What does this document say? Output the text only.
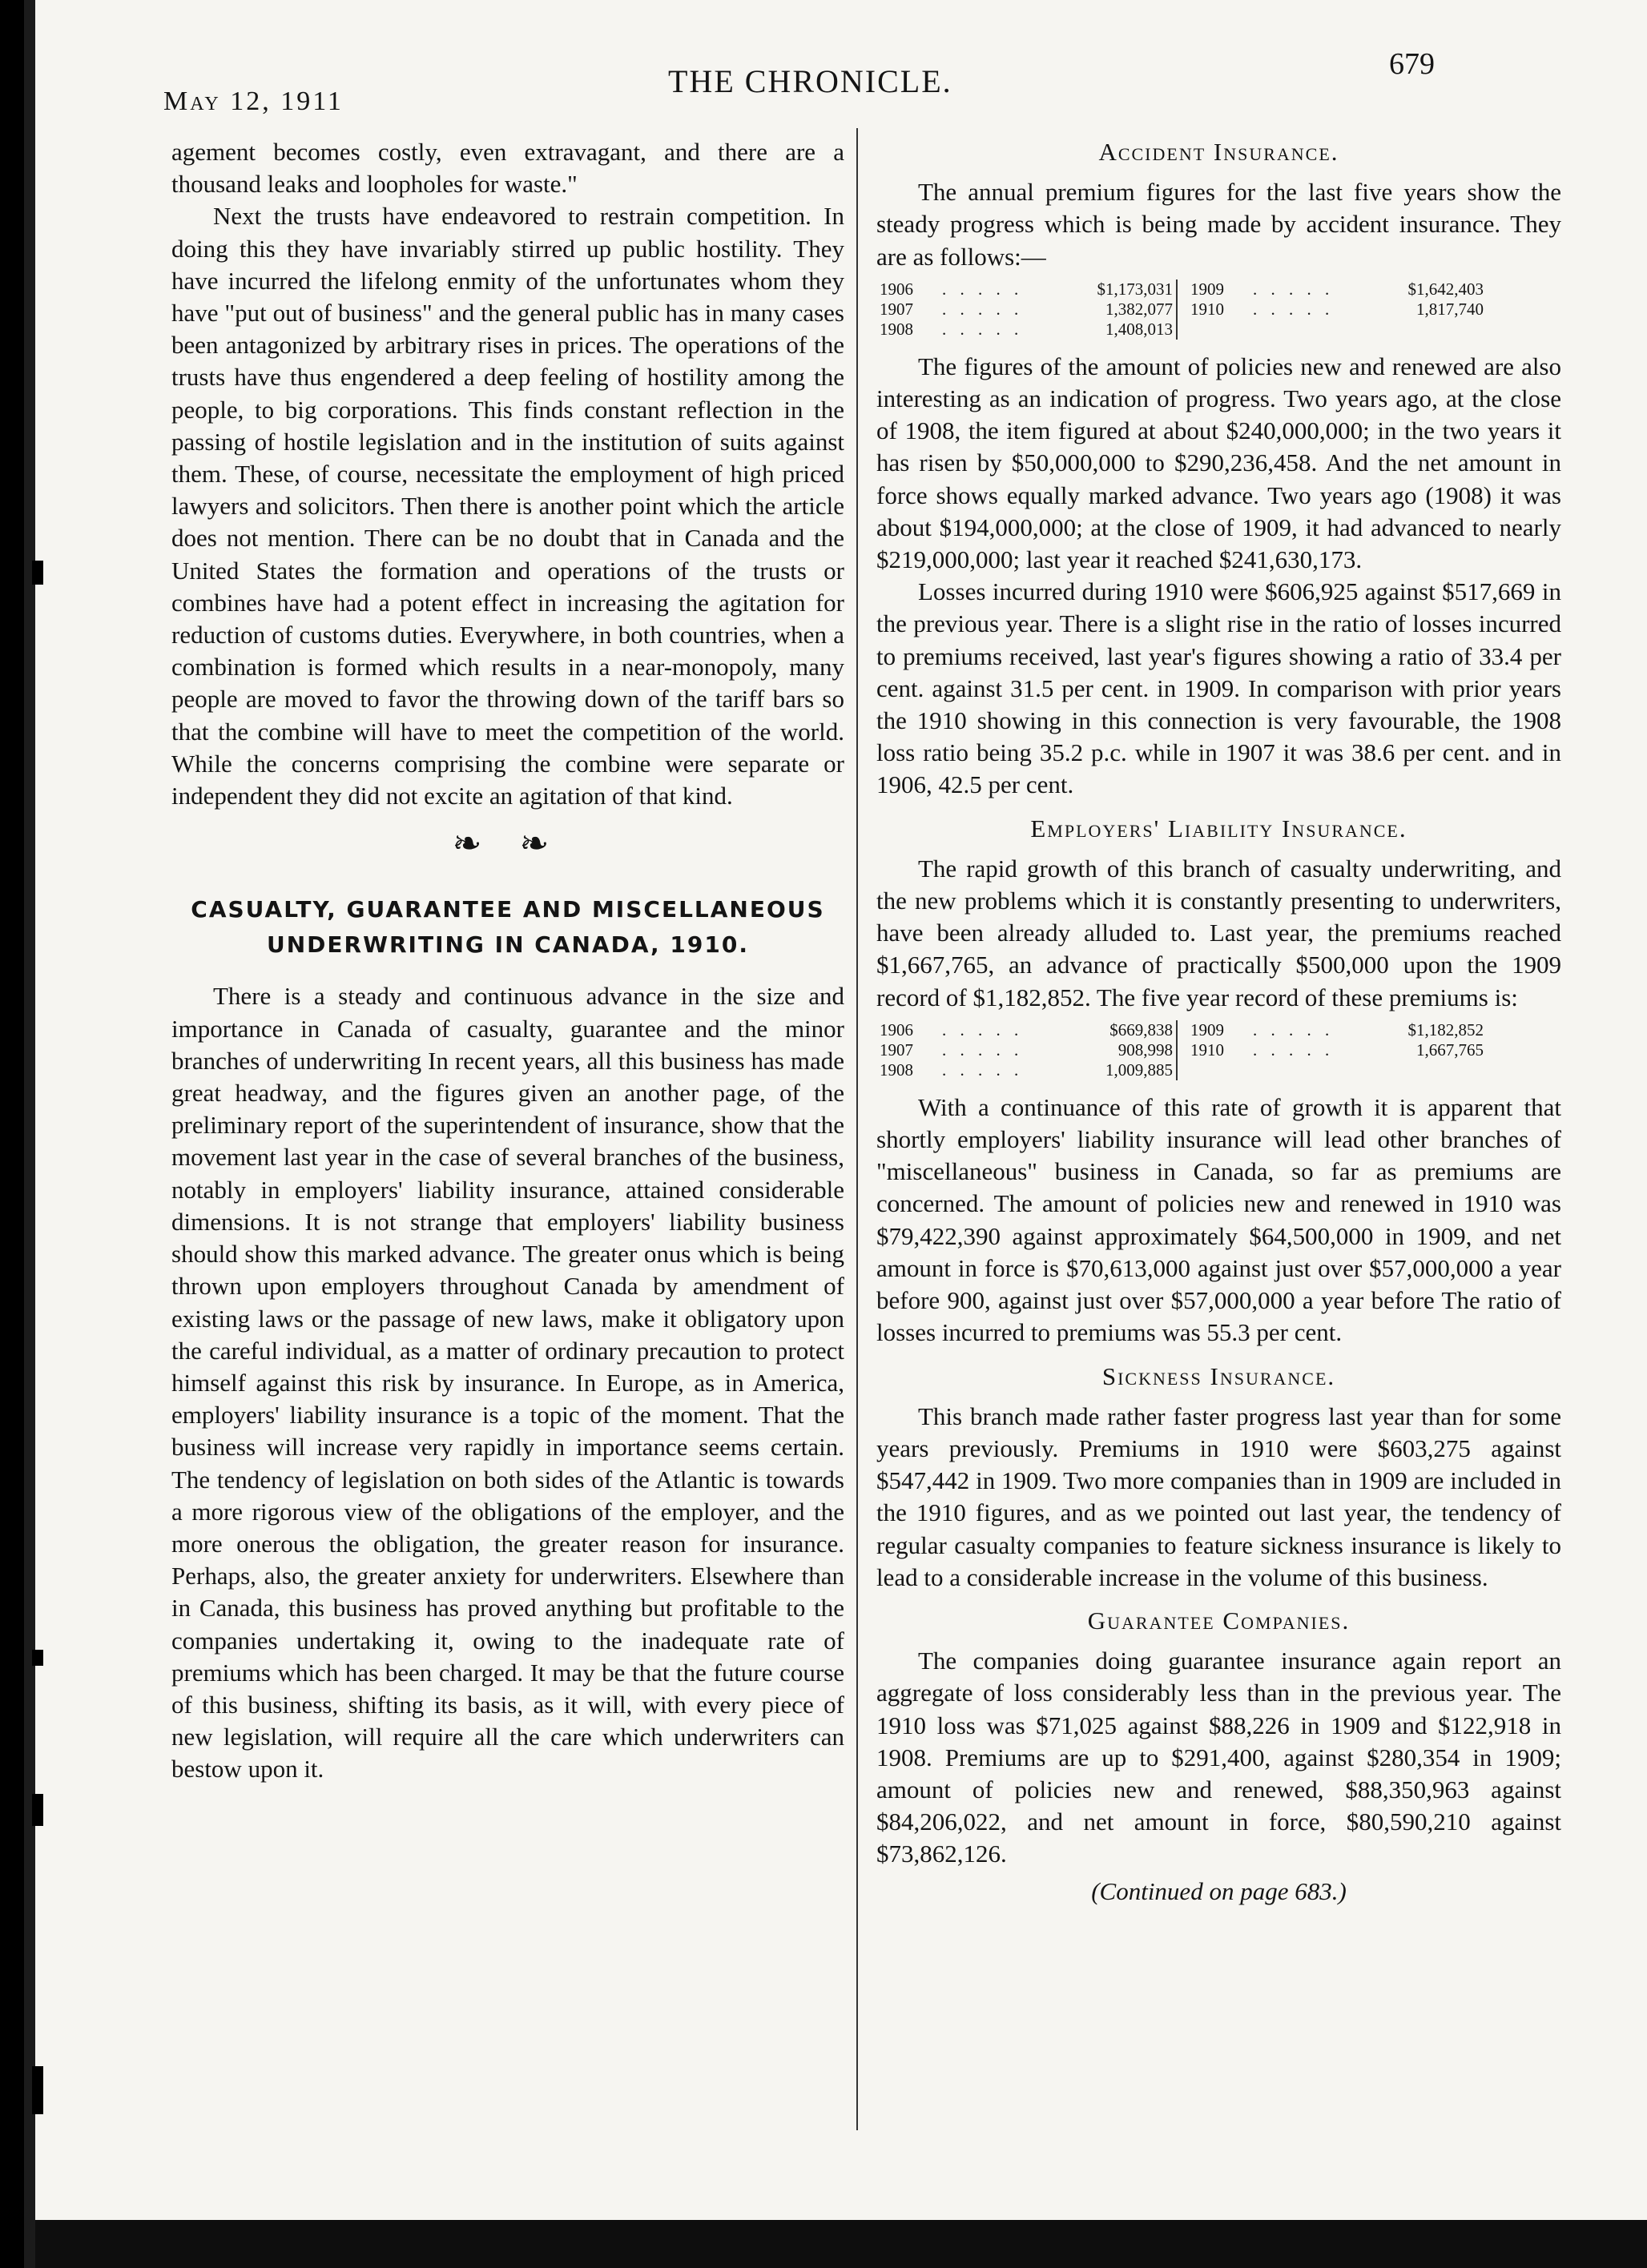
May 12, 1911
THE CHRONICLE.	679

agement becomes costly, even extravagant, and there are a thousand leaks and loopholes for waste."

Next the trusts have endeavored to restrain competition. In doing this they have invariably stirred up public hostility. They have incurred the lifelong enmity of the unfortunates whom they have "put out of business" and the general public has in many cases been antagonized by arbitrary rises in prices. The operations of the trusts have thus engendered a deep feeling of hostility among the people, to big corporations. This finds constant reflection in the passing of hostile legislation and in the institution of suits against them. These, of course, necessitate the employment of high priced lawyers and solicitors. Then there is another point which the article does not mention. There can be no doubt that in Canada and the United States the formation and operations of the trusts or combines have had a potent effect in increasing the agitation for reduction of customs duties. Everywhere, in both countries, when a combination is formed which results in a near-monopoly, many people are moved to favor the throwing down of the tariff bars so that the combine will have to meet the competition of the world. While the concerns comprising the combine were separate or independent they did not excite an agitation of that kind.

❧ ❧
CASUALTY, GUARANTEE AND MISCELLANEOUS
UNDERWRITING IN CANADA, 1910.

There is a steady and continuous advance in the size and importance in Canada of casualty, guarantee and the minor branches of underwriting In recent years, all this business has made great headway, and the figures given an another page, of the preliminary report of the superintendent of insurance, show that the movement last year in the case of several branches of the business, notably in employers' liability insurance, attained considerable dimensions. It is not strange that employers' liability business should show this marked advance. The greater onus which is being thrown upon employers throughout Canada by amendment of existing laws or the passage of new laws, make it obligatory upon the careful individual, as a matter of ordinary precaution to protect himself against this risk by insurance. In Europe, as in America, employers' liability insurance is a topic of the moment. That the business will increase very rapidly in importance seems certain. The tendency of legislation on both sides of the Atlantic is towards a more rigorous view of the obligations of the employer, and the more onerous the obligation, the greater reason for insurance. Perhaps, also, the greater anxiety for underwriters. Elsewhere than in Canada, this business has proved anything but profitable to the companies undertaking it, owing to the inadequate rate of premiums which has been charged. It may be that the future course of this business, shifting its basis, as it will, with every piece of new legislation, will require all the care which underwriters can bestow upon it.

Accident Insurance.

The annual premium figures for the last five years show the steady progress which is being made by accident insurance. They are as follows:—

1906	. . . . .	$1,173,031		1909	. . . . .	$1,642,403
1907	. . . . .	1,382,077		1910	. . . . .	1,817,740
1908	. . . . .	1,408,013				

The figures of the amount of policies new and renewed are also interesting as an indication of progress. Two years ago, at the close of 1908, the item figured at about $240,000,000; in the two years it has risen by $50,000,000 to $290,236,458. And the net amount in force shows equally marked advance. Two years ago (1908) it was about $194,000,000; at the close of 1909, it had advanced to nearly $219,000,000; last year it reached $241,630,173.

Losses incurred during 1910 were $606,925 against $517,669 in the previous year. There is a slight rise in the ratio of losses incurred to premiums received, last year's figures showing a ratio of 33.4 per cent. against 31.5 per cent. in 1909. In comparison with prior years the 1910 showing in this connection is very favourable, the 1908 loss ratio being 35.2 p.c. while in 1907 it was 38.6 per cent. and in 1906, 42.5 per cent.

Employers' Liability Insurance.

The rapid growth of this branch of casualty underwriting, and the new problems which it is constantly presenting to underwriters, have been already alluded to. Last year, the premiums reached $1,667,765, an advance of practically $500,000 upon the 1909 record of $1,182,852. The five year record of these premiums is:

1906	. . . . .	$669,838		1909	. . . . .	$1,182,852
1907	. . . . .	908,998		1910	. . . . .	1,667,765
1908	. . . . .	1,009,885				

With a continuance of this rate of growth it is apparent that shortly employers' liability insurance will lead other branches of "miscellaneous" business in Canada, so far as premiums are concerned. The amount of policies new and renewed in 1910 was $79,422,390 against approximately $64,500,000 in 1909, and net amount in force is $70,613,000 against just over $57,000,000 a year before 900, against just over $57,000,000 a year before The ratio of losses incurred to premiums was 55.3 per cent.

Sickness Insurance.

This branch made rather faster progress last year than for some years previously. Premiums in 1910 were $603,275 against $547,442 in 1909. Two more companies than in 1909 are included in the 1910 figures, and as we pointed out last year, the tendency of regular casualty companies to feature sickness insurance is likely to lead to a considerable increase in the volume of this business.

Guarantee Companies.

The companies doing guarantee insurance again report an aggregate of loss considerably less than in the previous year. The 1910 loss was $71,025 against $88,226 in 1909 and $122,918 in 1908. Premiums are up to $291,400, against $280,354 in 1909; amount of policies new and renewed, $88,350,963 against $84,206,022, and net amount in force, $80,590,210 against $73,862,126.

(Continued on page 683.)
